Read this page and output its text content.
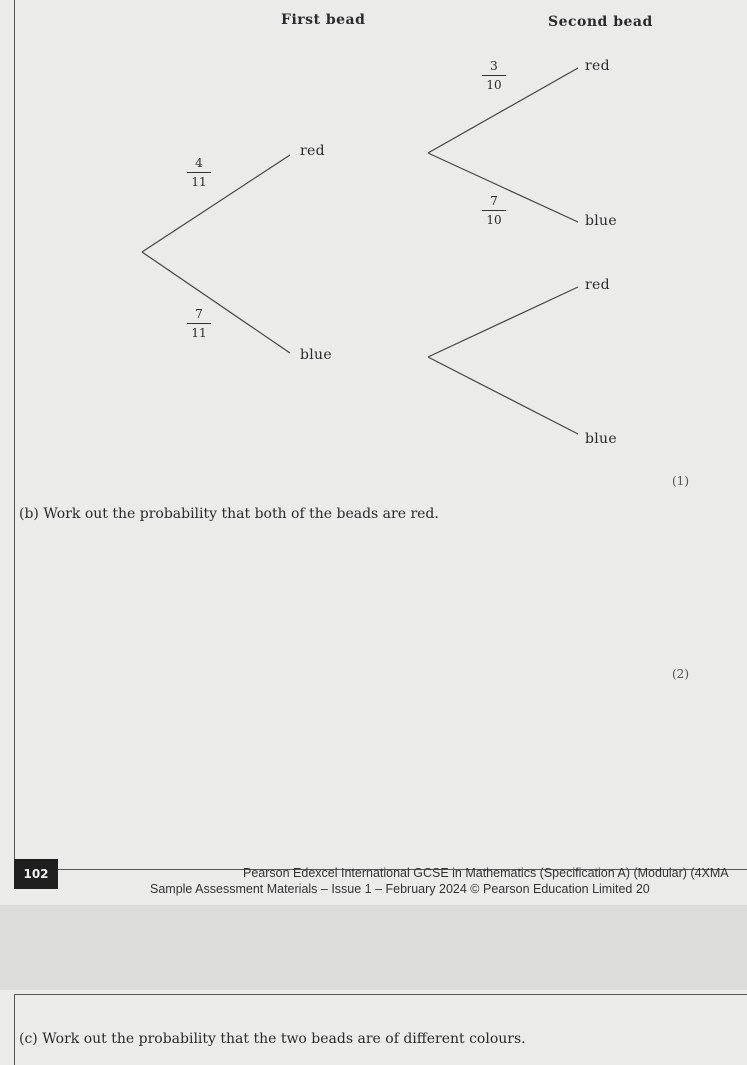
First bead	Second bead
4
11
red
7
11
blue
3
10
red
7
10	blue
red
blue
(1)
(b) Work out the probability that both of the beads are red.
(2)
102	Pearson Edexcel International GCSE in Mathematics (Specification A) (Modular) (4XMA
Sample Assessment Materials – Issue 1 – February 2024 © Pearson Education Limited 20
(c) Work out the probability that the two beads are of different colours.
